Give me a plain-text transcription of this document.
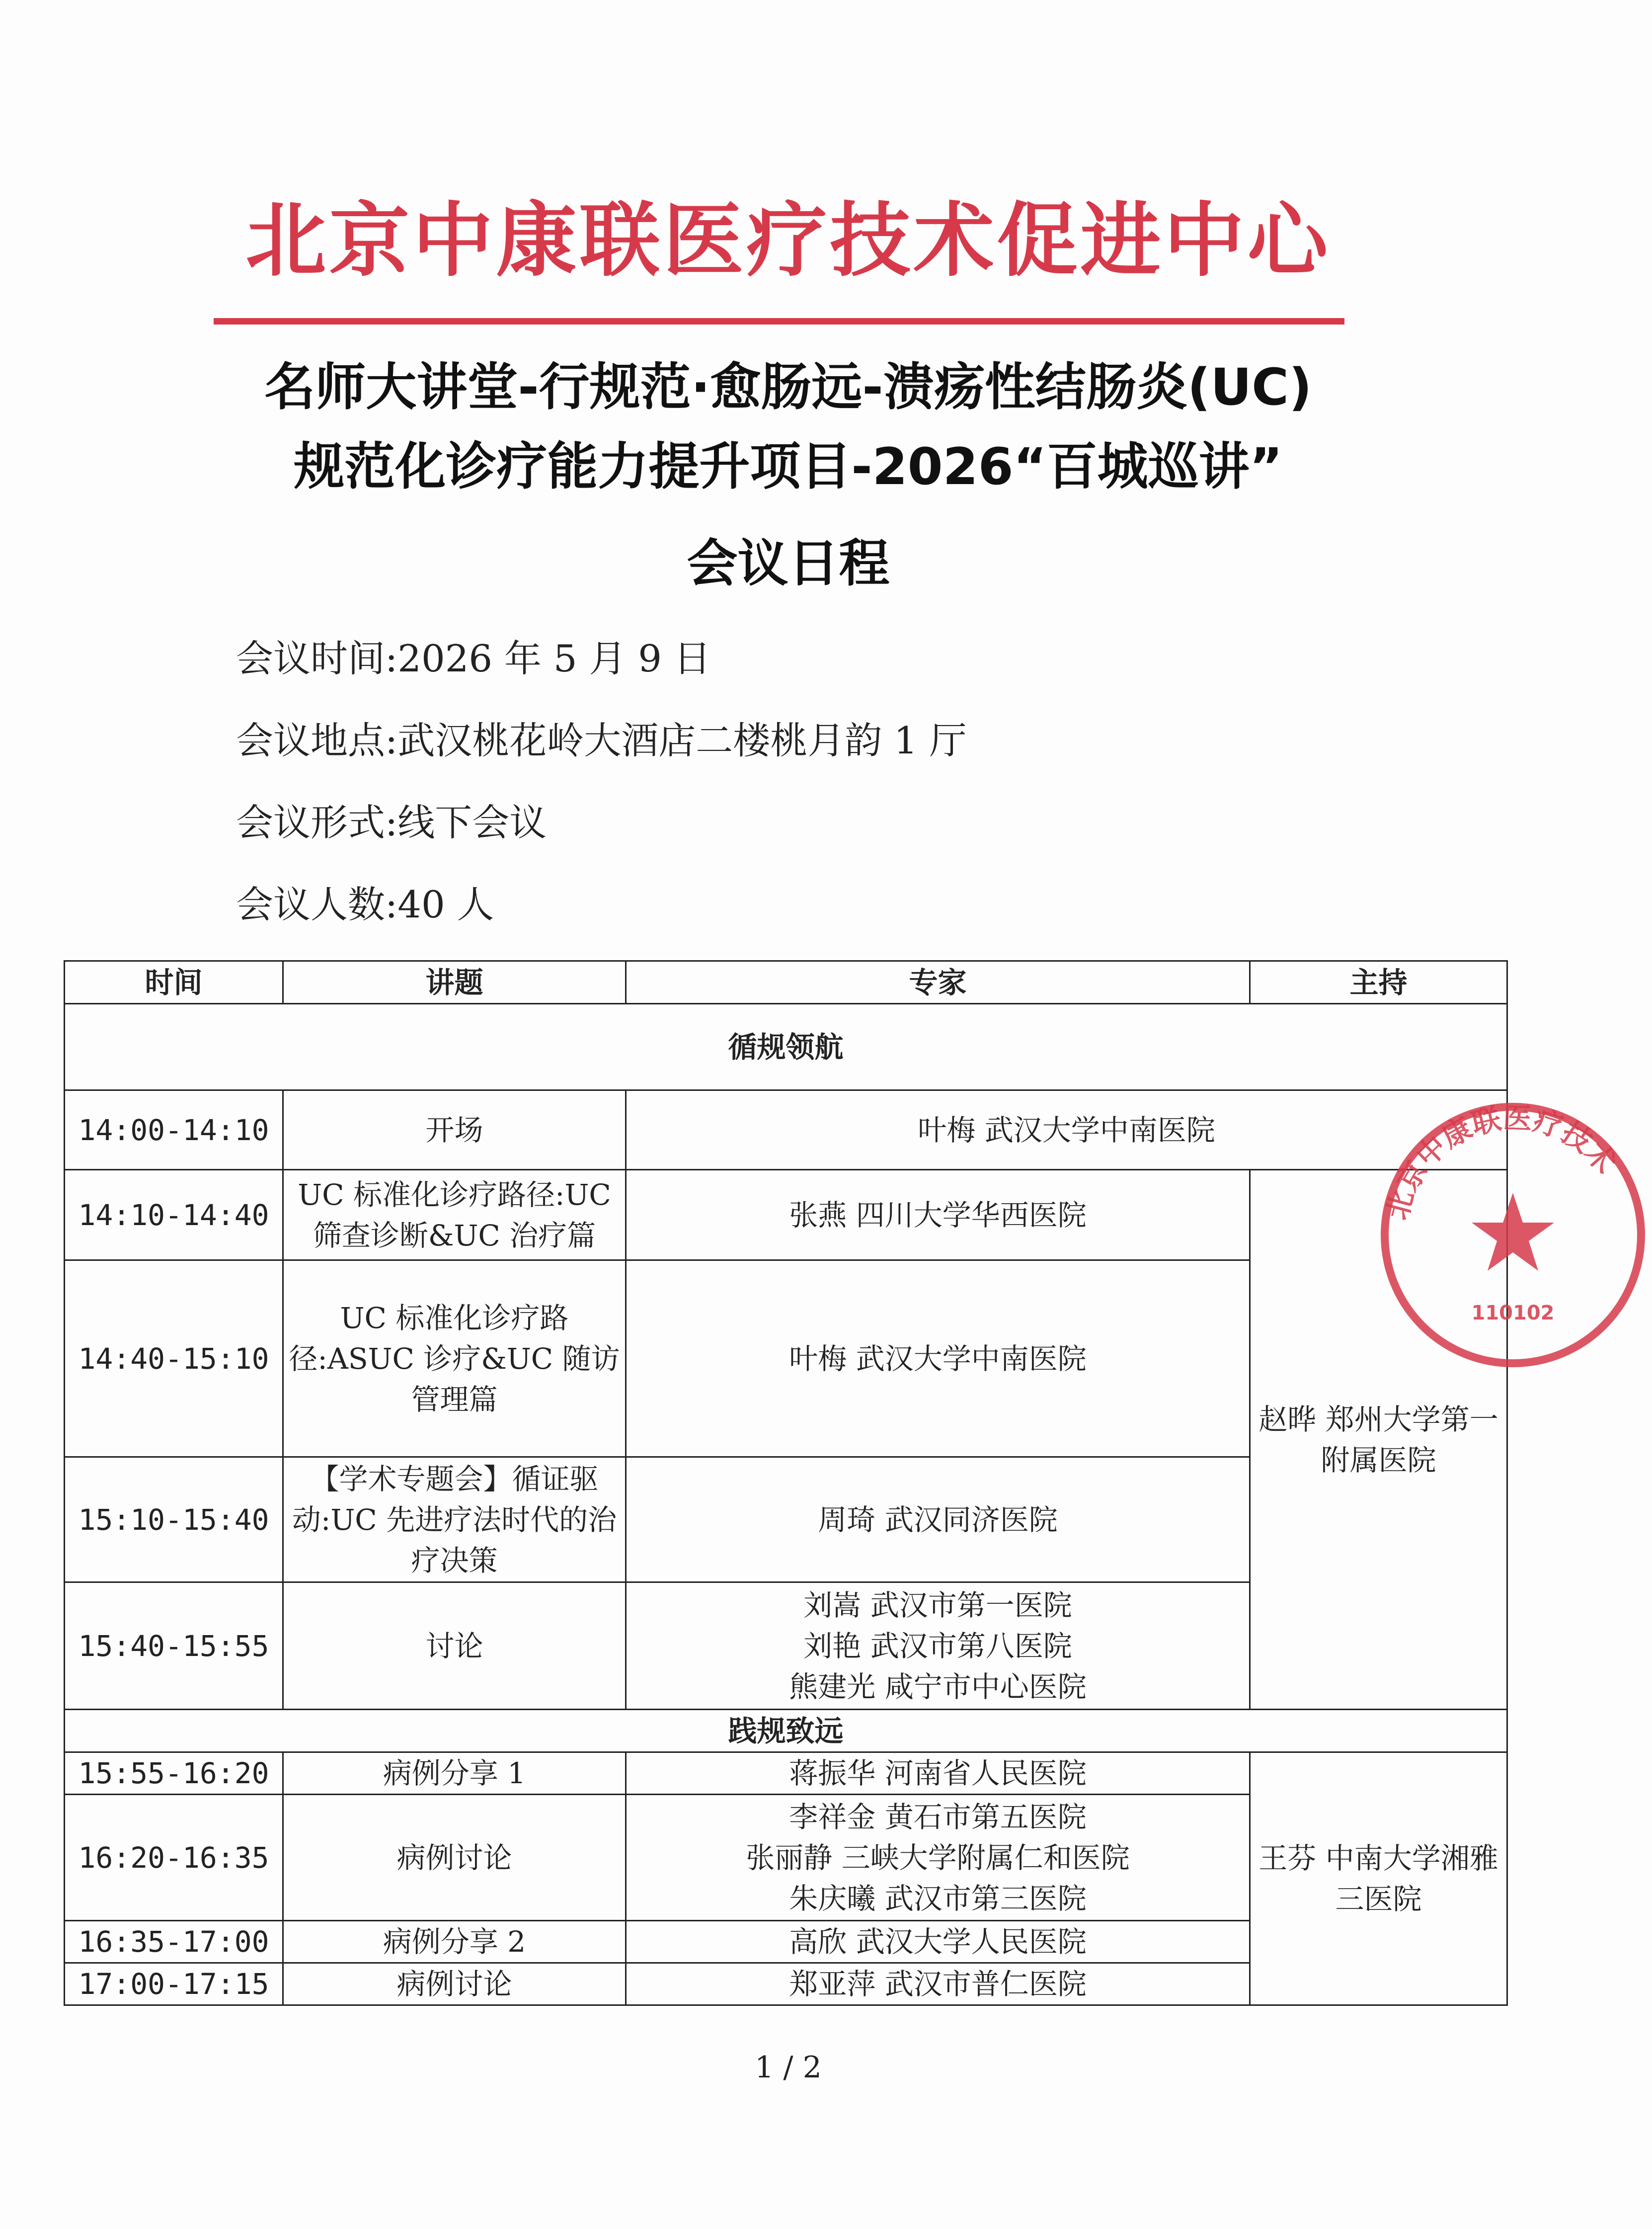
北京中康联医疗技术促进中心
名师大讲堂-行规范·愈肠远-溃疡性结肠炎(UC)
规范化诊疗能力提升项目-2026“百城巡讲”
会议日程
会议时间:2026 年 5 月 9 日
会议地点:武汉桃花岭大酒店二楼桃月韵 1 厅
会议形式:线下会议
会议人数:40 人
时间	讲题	专家	主持
循规领航			
14:00-14:10	开场	叶梅 武汉大学中南医院	
14:10-14:40	UC 标准化诊疗路径:UC 筛查诊断&UC 治疗篇	张燕 四川大学华西医院	赵晔 郑州大学第一附属医院
14:40-15:10	UC 标准化诊疗路径:ASUC 诊疗&UC 随访管理篇	叶梅 武汉大学中南医院	
15:10-15:40	【学术专题会】循证驱动:UC 先进疗法时代的治疗决策	周琦 武汉同济医院	
15:40-15:55	讨论	刘嵩 武汉市第一医院
刘艳 武汉市第八医院
熊建光 咸宁市中心医院	

践规致远			
15:55-16:20	病例分享 1	蒋振华 河南省人民医院	王芬 中南大学湘雅三医院
16:20-16:35	病例讨论	李祥金 黄石市第五医院
张丽静 三峡大学附属仁和医院
朱庆曦 武汉市第三医院	

16:35-17:00	病例分享 2	高欣 武汉大学人民医院	
17:00-17:15	病例讨论	郑亚萍 武汉市普仁医院	
北京中康联医疗技术
110102
1 / 2
